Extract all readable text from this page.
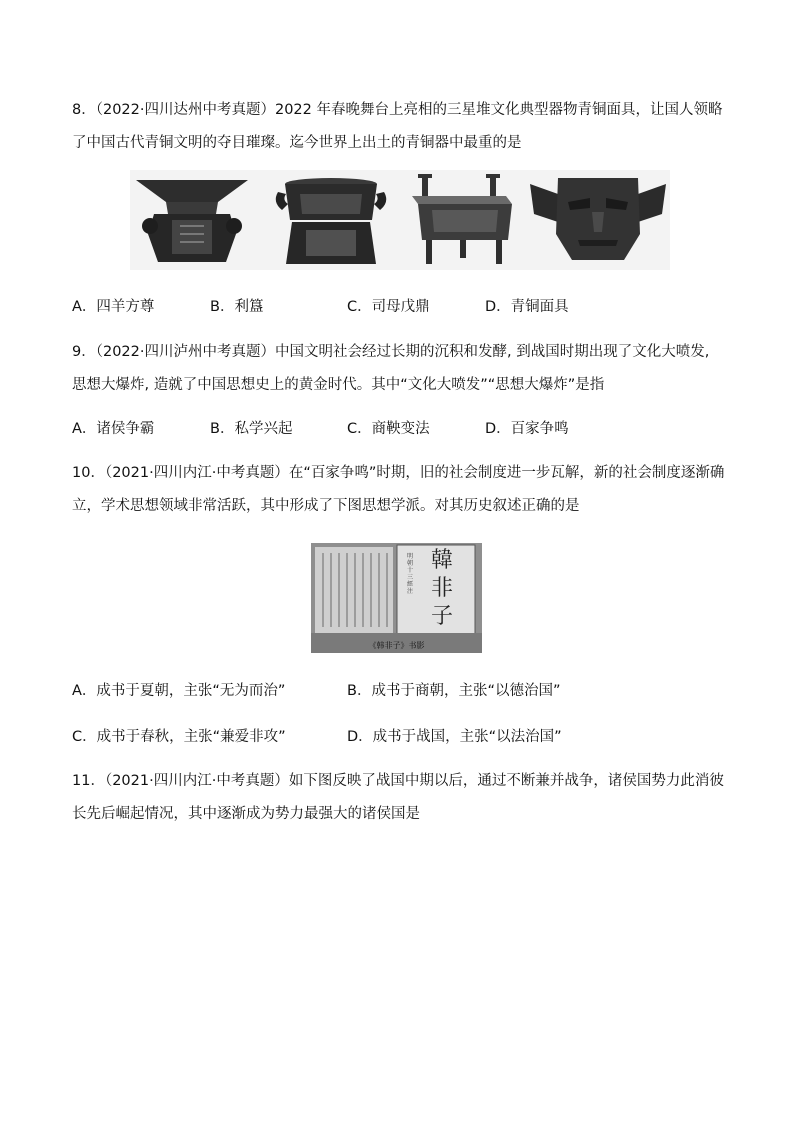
8．（2022·四川达州中考真题）2022 年春晚舞台上亮相的三星堆文化典型器物青铜面具，让国人领略
了中国古代青铜文明的夺目璀璨。迄今世界上出土的青铜器中最重的是
A．四羊方尊	B．利簋	C．司母戊鼎	D．青铜面具
9．（2022·四川泸州中考真题）中国文明社会经过长期的沉积和发酵, 到战国时期出现了文化大喷发,
思想大爆炸, 造就了中国思想史上的黄金时代。其中“文化大喷发”“思想大爆炸”是指
A．诸侯争霸	B．私学兴起	C．商鞅变法	D．百家争鸣
10．（2021·四川内江·中考真题）在“百家争鸣”时期，旧的社会制度进一步瓦解，新的社会制度逐渐确
立，学术思想领域非常活跃，其中形成了下图思想学派。对其历史叙述正确的是
明朝十三經注
韓非子
《韩非子》书影
A．成书于夏朝，主张“无为而治”	B．成书于商朝，主张“以德治国”
C．成书于春秋，主张“兼爱非攻”	D．成书于战国，主张“以法治国”
11．（2021·四川内江·中考真题）如下图反映了战国中期以后，通过不断兼并战争，诸侯国势力此消彼
长先后崛起情况，其中逐渐成为势力最强大的诸侯国是
